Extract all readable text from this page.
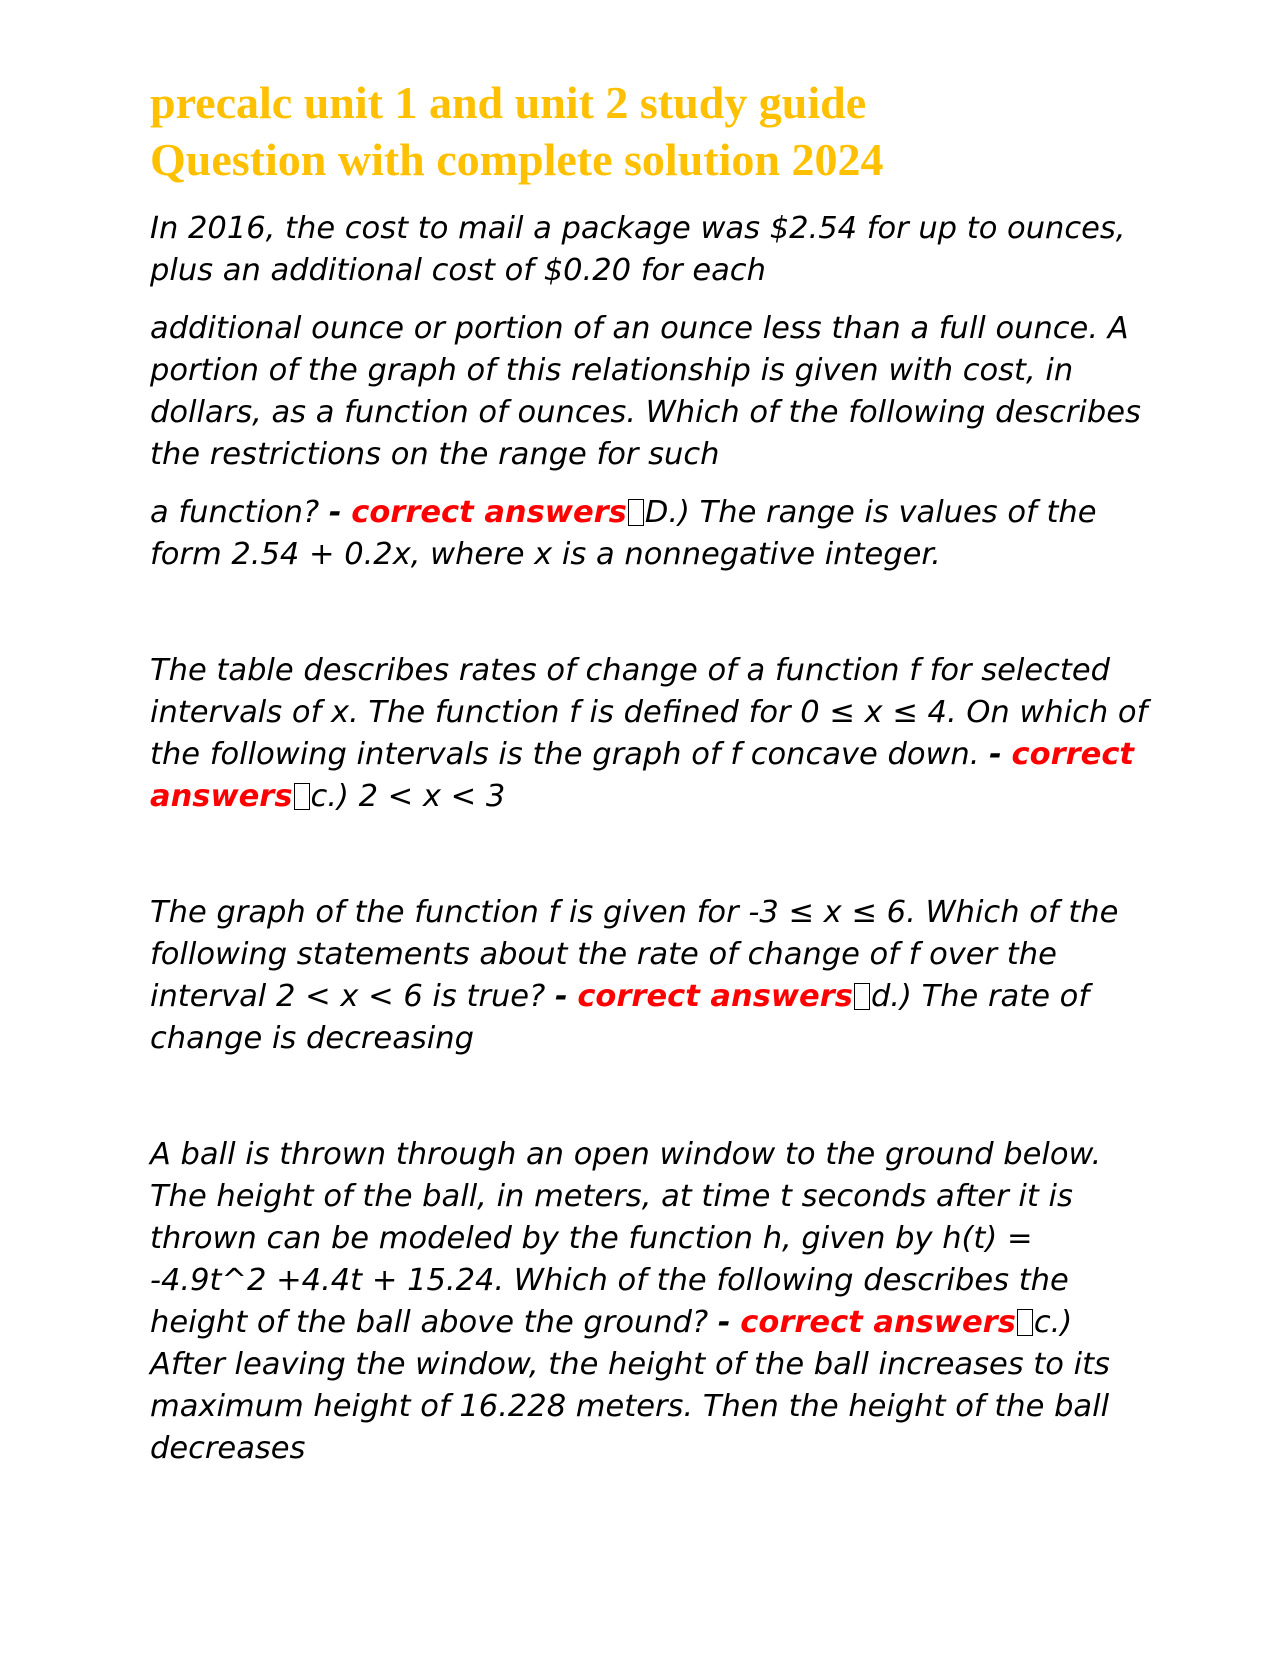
precalc unit 1 and unit 2 study guide
Question with complete solution 2024

In 2016, the cost to mail a package was $2.54 for up to ounces, plus an additional cost of $0.20 for each

additional ounce or portion of an ounce less than a full ounce. A portion of the graph of this relationship is given with cost, in dollars, as a function of ounces. Which of the following describes the restrictions on the range for such

a function? - correct answers D.) The range is values of the form 2.54 + 0.2x, where x is a nonnegative integer.

The table describes rates of change of a function f for selected intervals of x. The function f is defined for 0 ≤ x ≤ 4. On which of the following intervals is the graph of f concave down. - correct answers c.) 2 < x < 3

The graph of the function f is given for -3 ≤ x ≤ 6. Which of the following statements about the rate of change of f over the interval 2 < x < 6 is true? - correct answers d.) The rate of change is decreasing

A ball is thrown through an open window to the ground below. The height of the ball, in meters, at time t seconds after it is thrown can be modeled by the function h, given by h(t) = -4.9t^2 +4.4t + 15.24. Which of the following describes the height of the ball above the ground? - correct answers c.) After leaving the window, the height of the ball increases to its maximum height of 16.228 meters. Then the height of the ball decreases
